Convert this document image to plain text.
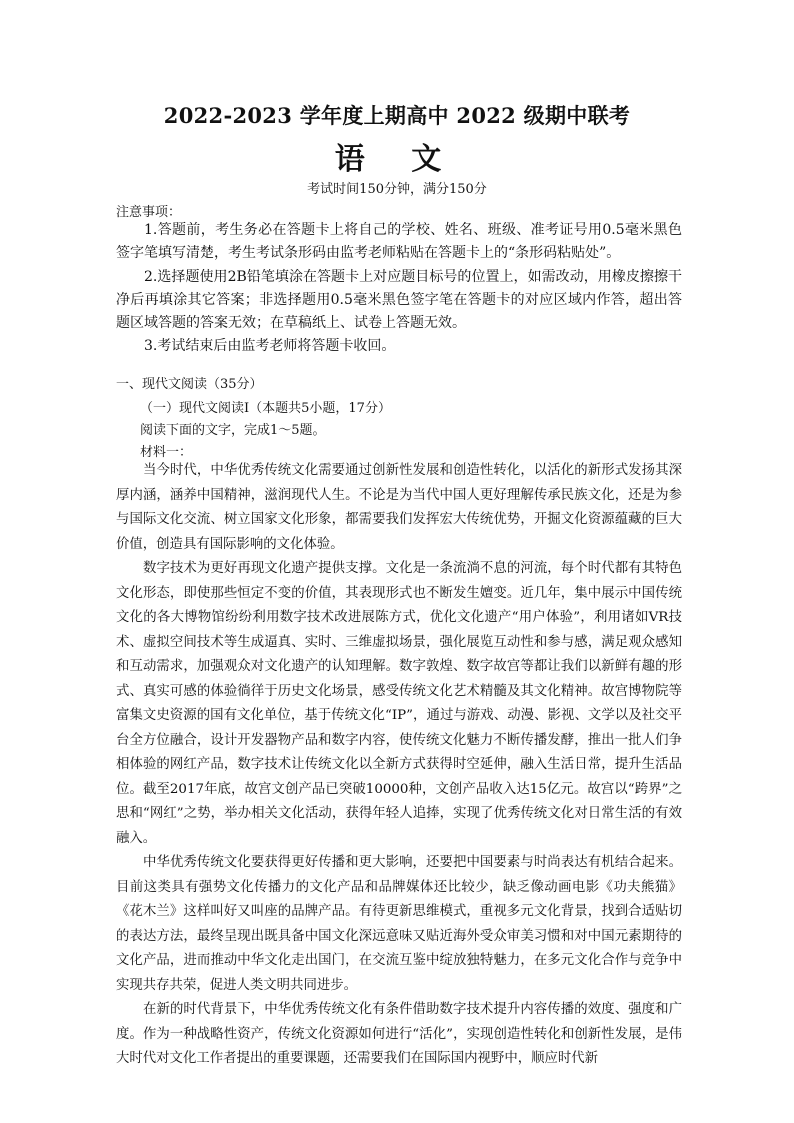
2022-2023 学年度上期高中 2022 级期中联考
语 文
考试时间150分钟，满分150分
注意事项：

1.答题前，考生务必在答题卡上将自己的学校、姓名、班级、准考证号用0.5毫米黑色签字笔填写清楚，考生考试条形码由监考老师粘贴在答题卡上的“条形码粘贴处”。

2.选择题使用2B铅笔填涂在答题卡上对应题目标号的位置上，如需改动，用橡皮擦擦干净后再填涂其它答案；非选择题用0.5毫米黑色签字笔在答题卡的对应区域内作答，超出答题区域答题的答案无效；在草稿纸上、试卷上答题无效。

3.考试结束后由监考老师将答题卡收回。

一、现代文阅读（35分）
（一）现代文阅读Ⅰ（本题共5小题，17分）
阅读下面的文字，完成1～5题。
材料一：

当今时代，中华优秀传统文化需要通过创新性发展和创造性转化，以活化的新形式发扬其深厚内涵，涵养中国精神，滋润现代人生。不论是为当代中国人更好理解传承民族文化，还是为参与国际文化交流、树立国家文化形象，都需要我们发挥宏大传统优势，开掘文化资源蕴藏的巨大价值，创造具有国际影响的文化体验。

数字技术为更好再现文化遗产提供支撑。文化是一条流淌不息的河流，每个时代都有其特色文化形态，即使那些恒定不变的价值，其表现形式也不断发生嬗变。近几年，集中展示中国传统文化的各大博物馆纷纷利用数字技术改进展陈方式，优化文化遗产“用户体验”，利用诸如VR技术、虚拟空间技术等生成逼真、实时、三维虚拟场景，强化展览互动性和参与感，满足观众感知和互动需求，加强观众对文化遗产的认知理解。数字敦煌、数字故宫等都让我们以新鲜有趣的形式、真实可感的体验徜徉于历史文化场景，感受传统文化艺术精髓及其文化精神。故宫博物院等富集文史资源的国有文化单位，基于传统文化“IP”，通过与游戏、动漫、影视、文学以及社交平台全方位融合，设计开发器物产品和数字内容，使传统文化魅力不断传播发酵，推出一批人们争相体验的网红产品，数字技术让传统文化以全新方式获得时空延伸，融入生活日常，提升生活品位。截至2017年底，故宫文创产品已突破10000种，文创产品收入达15亿元。故宫以“跨界”之思和“网红”之势，举办相关文化活动，获得年轻人追捧，实现了优秀传统文化对日常生活的有效融入。

中华优秀传统文化要获得更好传播和更大影响，还要把中国要素与时尚表达有机结合起来。目前这类具有强势文化传播力的文化产品和品牌媒体还比较少，缺乏像动画电影《功夫熊猫》《花木兰》这样叫好又叫座的品牌产品。有待更新思维模式，重视多元文化背景，找到合适贴切的表达方法，最终呈现出既具备中国文化深远意味又贴近海外受众审美习惯和对中国元素期待的文化产品，进而推动中华文化走出国门，在交流互鉴中绽放独特魅力，在多元文化合作与竞争中实现共存共荣，促进人类文明共同进步。

在新的时代背景下，中华优秀传统文化有条件借助数字技术提升内容传播的效度、强度和广度。作为一种战略性资产，传统文化资源如何进行“活化”，实现创造性转化和创新性发展，是伟大时代对文化工作者提出的重要课题，还需要我们在国际国内视野中，顺应时代新
